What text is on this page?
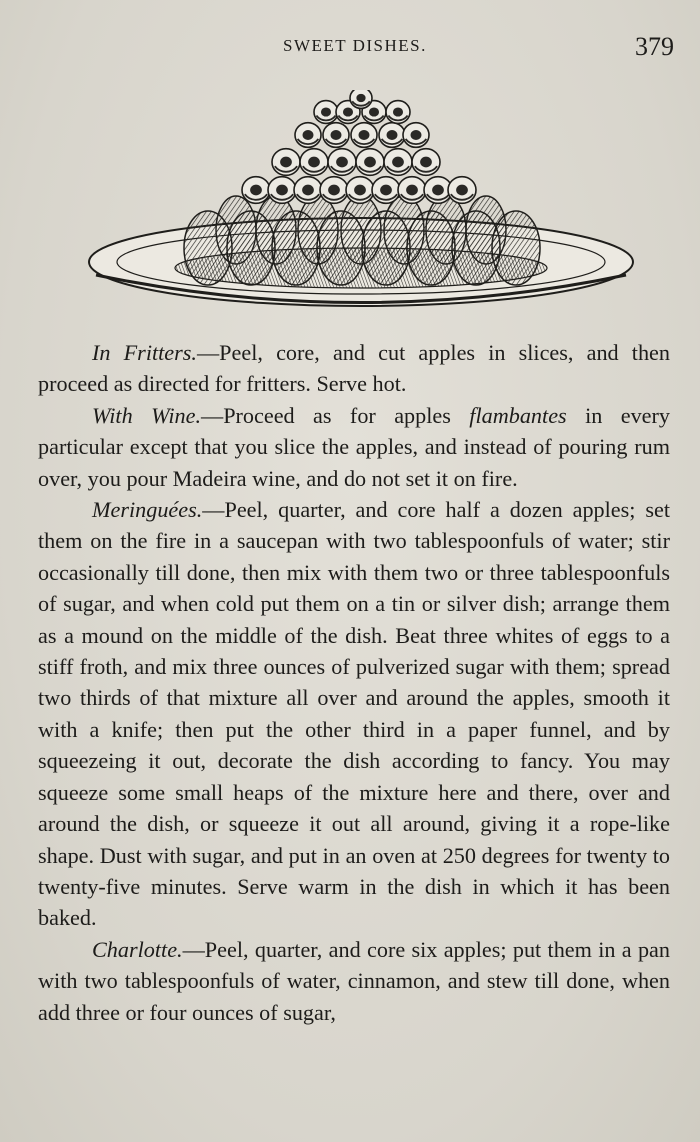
SWEET DISHES.	379

In Fritters.—Peel, core, and cut apples in slices, and then proceed as directed for fritters. Serve hot.

With Wine.—Proceed as for apples flambantes in every particular except that you slice the apples, and instead of pouring rum over, you pour Madeira wine, and do not set it on fire.

Meringuées.—Peel, quarter, and core half a dozen apples; set them on the fire in a saucepan with two tablespoonfuls of water; stir occasionally till done, then mix with them two or three tablespoonfuls of sugar, and when cold put them on a tin or silver dish; arrange them as a mound on the middle of the dish. Beat three whites of eggs to a stiff froth, and mix three ounces of pulverized sugar with them; spread two thirds of that mixture all over and around the apples, smooth it with a knife; then put the other third in a paper funnel, and by squeezeing it out, decorate the dish according to fancy. You may squeeze some small heaps of the mixture here and there, over and around the dish, or squeeze it out all around, giving it a rope-like shape. Dust with sugar, and put in an oven at 250 degrees for twenty to twenty-five minutes. Serve warm in the dish in which it has been baked.

Charlotte.—Peel, quarter, and core six apples; put them in a pan with two tablespoonfuls of water, cinnamon, and stew till done, when add three or four ounces of sugar,
